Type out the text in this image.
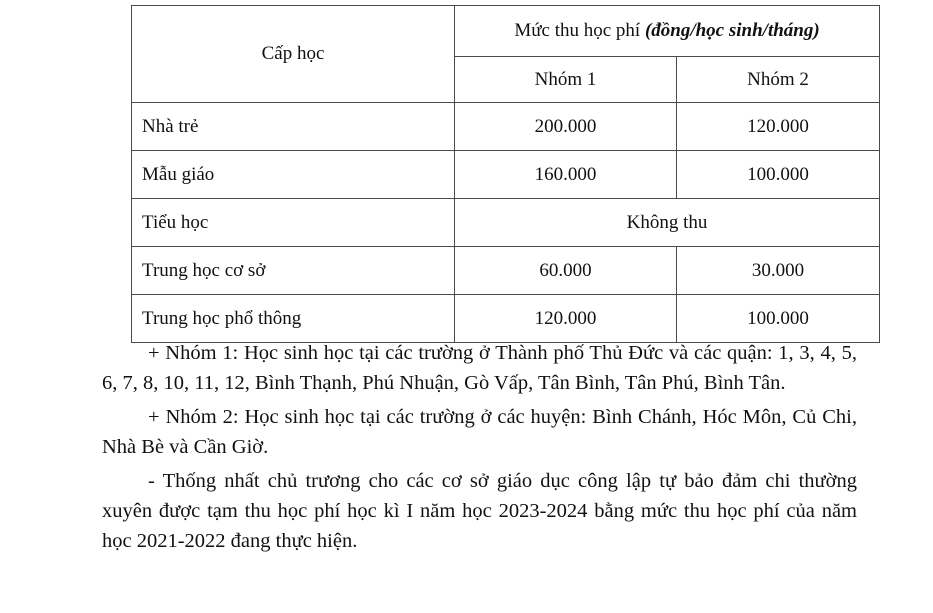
Cấp học	Mức thu học phí (đồng/học sinh/tháng)	
	Nhóm 1	Nhóm 2
Nhà trẻ	200.000	120.000
Mẫu giáo	160.000	100.000
Tiểu học	Không thu	
Trung học cơ sở	60.000	30.000
Trung học phổ thông	120.000	100.000

+ Nhóm 1: Học sinh học tại các trường ở Thành phố Thủ Đức và các quận: 1, 3, 4, 5, 6, 7, 8, 10, 11, 12, Bình Thạnh, Phú Nhuận, Gò Vấp, Tân Bình, Tân Phú, Bình Tân.

+ Nhóm 2: Học sinh học tại các trường ở các huyện: Bình Chánh, Hóc Môn, Củ Chi, Nhà Bè và Cần Giờ.

- Thống nhất chủ trương cho các cơ sở giáo dục công lập tự bảo đảm chi thường xuyên được tạm thu học phí học kì I năm học 2023-2024 bằng mức thu học phí của năm học 2021-2022 đang thực hiện.
